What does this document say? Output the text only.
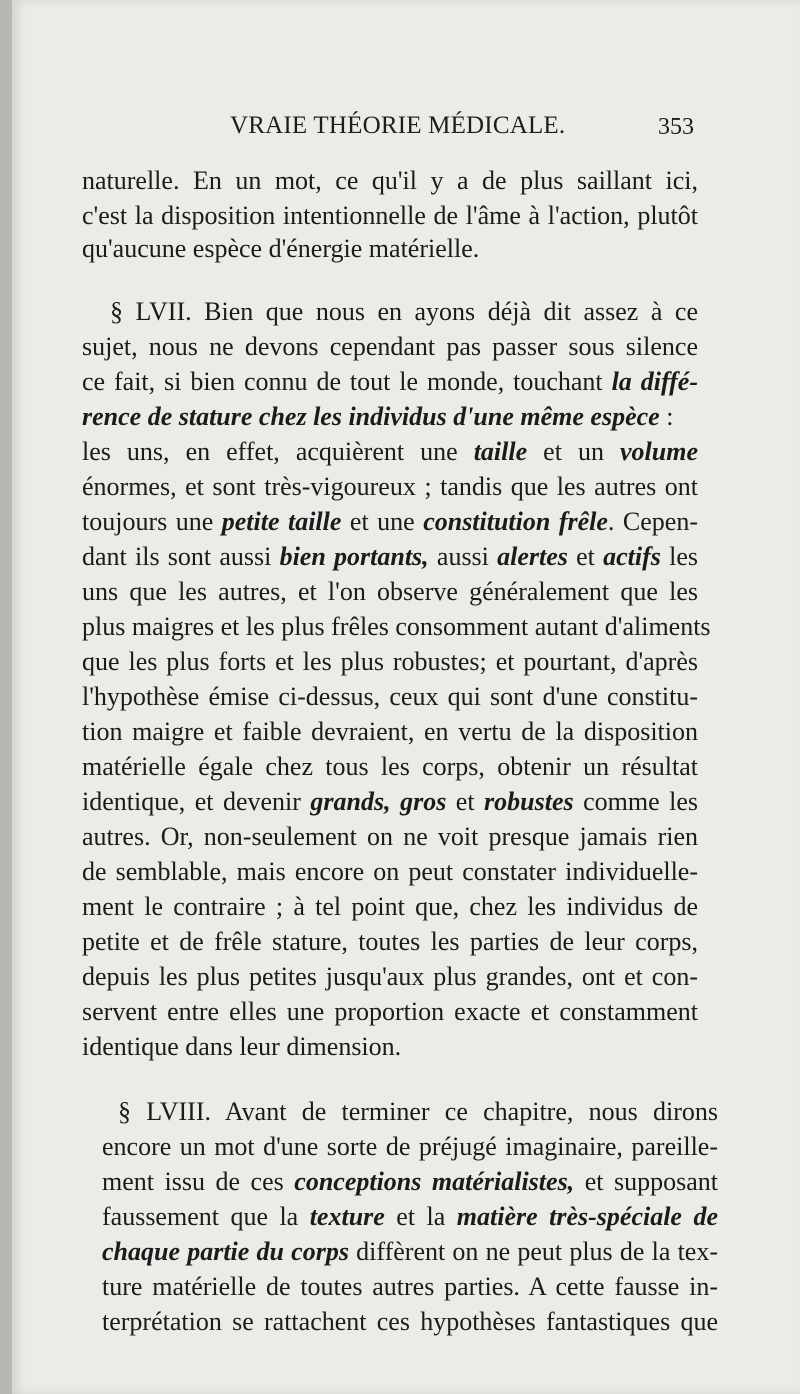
VRAIE THÉORIE MÉDICALE.	353
naturelle. En un mot, ce qu'il y a de plus saillant ici,
c'est la disposition intentionnelle de l'âme à l'action, plutôt
qu'aucune espèce d'énergie matérielle.
§ LVII. Bien que nous en ayons déjà dit assez à ce
sujet, nous ne devons cependant pas passer sous silence
ce fait, si bien connu de tout le monde, touchant la diffé-
rence de stature chez les individus d'une même espèce :
les uns, en effet, acquièrent une taille et un volume
énormes, et sont très-vigoureux ; tandis que les autres ont
toujours une petite taille et une constitution frêle. Cepen-
dant ils sont aussi bien portants, aussi alertes et actifs les
uns que les autres, et l'on observe généralement que les
plus maigres et les plus frêles consomment autant d'aliments
que les plus forts et les plus robustes; et pourtant, d'après
l'hypothèse émise ci-dessus, ceux qui sont d'une constitu-
tion maigre et faible devraient, en vertu de la disposition
matérielle égale chez tous les corps, obtenir un résultat
identique, et devenir grands, gros et robustes comme les
autres. Or, non-seulement on ne voit presque jamais rien
de semblable, mais encore on peut constater individuelle-
ment le contraire ; à tel point que, chez les individus de
petite et de frêle stature, toutes les parties de leur corps,
depuis les plus petites jusqu'aux plus grandes, ont et con-
servent entre elles une proportion exacte et constamment
identique dans leur dimension.
§ LVIII. Avant de terminer ce chapitre, nous dirons
encore un mot d'une sorte de préjugé imaginaire, pareille-
ment issu de ces conceptions matérialistes, et supposant
faussement que la texture et la matière très-spéciale de
chaque partie du corps diffèrent on ne peut plus de la tex-
ture matérielle de toutes autres parties. A cette fausse in-
terprétation se rattachent ces hypothèses fantastiques que
